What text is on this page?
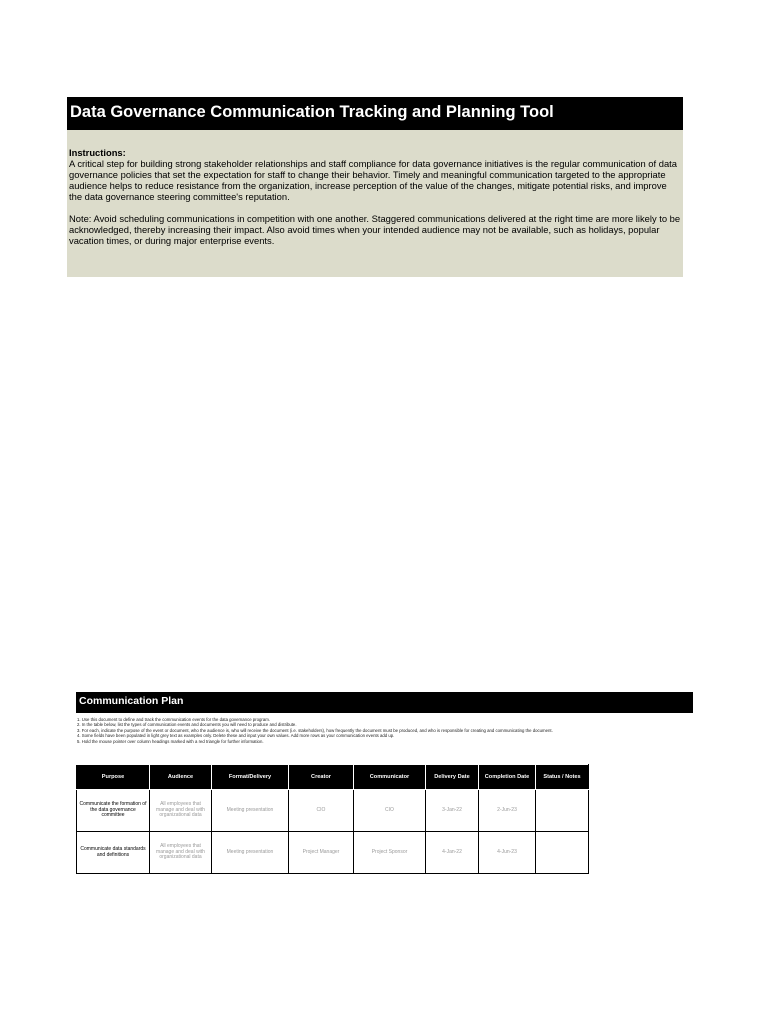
Data Governance Communication Tracking and Planning Tool
Instructions:

A critical step for building strong stakeholder relationships and staff compliance for data governance initiatives is the regular communication of data governance policies that set the expectation for staff to change their behavior. Timely and meaningful communication targeted to the appropriate audience helps to reduce resistance from the organization, increase perception of the value of the changes, mitigate potential risks, and improve the data governance steering committee's reputation.

Note: Avoid scheduling communications in competition with one another. Staggered communications delivered at the right time are more likely to be acknowledged, thereby increasing their impact. Also avoid times when your intended audience may not be available, such as holidays, popular vacation times, or during major enterprise events.

Communication Plan
1. Use this document to define and track the communication events for the data governance program.
2. In the table below, list the types of communication events and documents you will need to produce and distribute.
3. For each, indicate the purpose of the event or document, who the audience is, who will receive the document (i.e. stakeholders), how frequently the document must be produced, and who is responsible for creating and communicating the document.
4. Some fields have been populated in light grey text as examples only. Delete these and input your own values. Add more rows as your communication events add up.
5. Hold the mouse pointer over column headings marked with a red triangle for further information.
Purpose	Audience	Format/Delivery	Creator	Communicator	Delivery Date	Completion Date	Status / Notes
Communicate the formation of the data governance committee	All employees that manage and deal with organizational data	Meeting presentation	CIO	CIO	3-Jan-22	2-Jun-23	
Communicate data standards and definitions	All employees that manage and deal with organizational data	Meeting presentation	Project Manager	Project Sponsor	4-Jan-22	4-Jun-23	
